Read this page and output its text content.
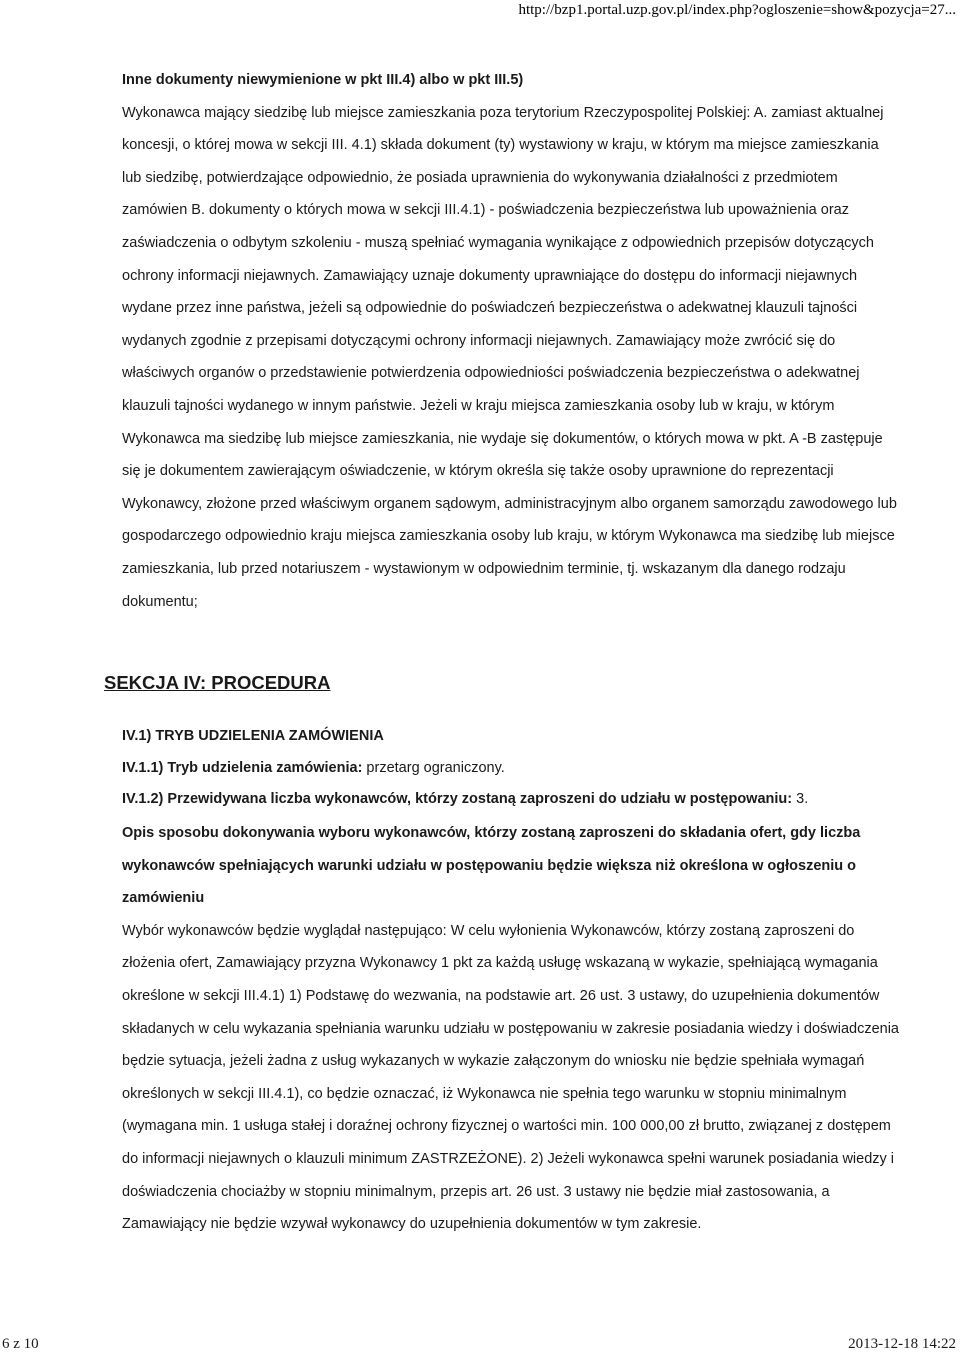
http://bzp1.portal.uzp.gov.pl/index.php?ogloszenie=show&pozycja=27...

Inne dokumenty niewymienione w pkt III.4) albo w pkt III.5)

Wykonawca mający siedzibę lub miejsce zamieszkania poza terytorium Rzeczypospolitej Polskiej: A. zamiast aktualnej koncesji, o której mowa w sekcji III. 4.1) składa dokument (ty) wystawiony w kraju, w którym ma miejsce zamieszkania lub siedzibę, potwierdzające odpowiednio, że posiada uprawnienia do wykonywania działalności z przedmiotem zamówien B. dokumenty o których mowa w sekcji III.4.1) - poświadczenia bezpieczeństwa lub upoważnienia oraz zaświadczenia o odbytym szkoleniu - muszą spełniać wymagania wynikające z odpowiednich przepisów dotyczących ochrony informacji niejawnych. Zamawiający uznaje dokumenty uprawniające do dostępu do informacji niejawnych wydane przez inne państwa, jeżeli są odpowiednie do poświadczeń bezpieczeństwa o adekwatnej klauzuli tajności wydanych zgodnie z przepisami dotyczącymi ochrony informacji niejawnych. Zamawiający może zwrócić się do właściwych organów o przedstawienie potwierdzenia odpowiedniości poświadczenia bezpieczeństwa o adekwatnej klauzuli tajności wydanego w innym państwie. Jeżeli w kraju miejsca zamieszkania osoby lub w kraju, w którym Wykonawca ma siedzibę lub miejsce zamieszkania, nie wydaje się dokumentów, o których mowa w pkt. A -B zastępuje się je dokumentem zawierającym oświadczenie, w którym określa się także osoby uprawnione do reprezentacji Wykonawcy, złożone przed właściwym organem sądowym, administracyjnym albo organem samorządu zawodowego lub gospodarczego odpowiednio kraju miejsca zamieszkania osoby lub kraju, w którym Wykonawca ma siedzibę lub miejsce zamieszkania, lub przed notariuszem - wystawionym w odpowiednim terminie, tj. wskazanym dla danego rodzaju dokumentu;

SEKCJA IV: PROCEDURA

IV.1) TRYB UDZIELENIA ZAMÓWIENIA

IV.1.1) Tryb udzielenia zamówienia: przetarg ograniczony.

IV.1.2) Przewidywana liczba wykonawców, którzy zostaną zaproszeni do udziału w postępowaniu: 3.

Opis sposobu dokonywania wyboru wykonawców, którzy zostaną zaproszeni do składania ofert, gdy liczba wykonawców spełniających warunki udziału w postępowaniu będzie większa niż określona w ogłoszeniu o zamówieniu

Wybór wykonawców będzie wyglądał następująco: W celu wyłonienia Wykonawców, którzy zostaną zaproszeni do złożenia ofert, Zamawiający przyzna Wykonawcy 1 pkt za każdą usługę wskazaną w wykazie, spełniającą wymagania określone w sekcji III.4.1) 1) Podstawę do wezwania, na podstawie art. 26 ust. 3 ustawy, do uzupełnienia dokumentów składanych w celu wykazania spełniania warunku udziału w postępowaniu w zakresie posiadania wiedzy i doświadczenia będzie sytuacja, jeżeli żadna z usług wykazanych w wykazie załączonym do wniosku nie będzie spełniała wymagań określonych w sekcji III.4.1), co będzie oznaczać, iż Wykonawca nie spełnia tego warunku w stopniu minimalnym (wymagana min. 1 usługa stałej i doraźnej ochrony fizycznej o wartości min. 100 000,00 zł brutto, związanej z dostępem do informacji niejawnych o klauzuli minimum ZASTRZEŻONE). 2) Jeżeli wykonawca spełni warunek posiadania wiedzy i doświadczenia chociażby w stopniu minimalnym, przepis art. 26 ust. 3 ustawy nie będzie miał zastosowania, a Zamawiający nie będzie wzywał wykonawcy do uzupełnienia dokumentów w tym zakresie.

6 z 10	2013-12-18 14:22
